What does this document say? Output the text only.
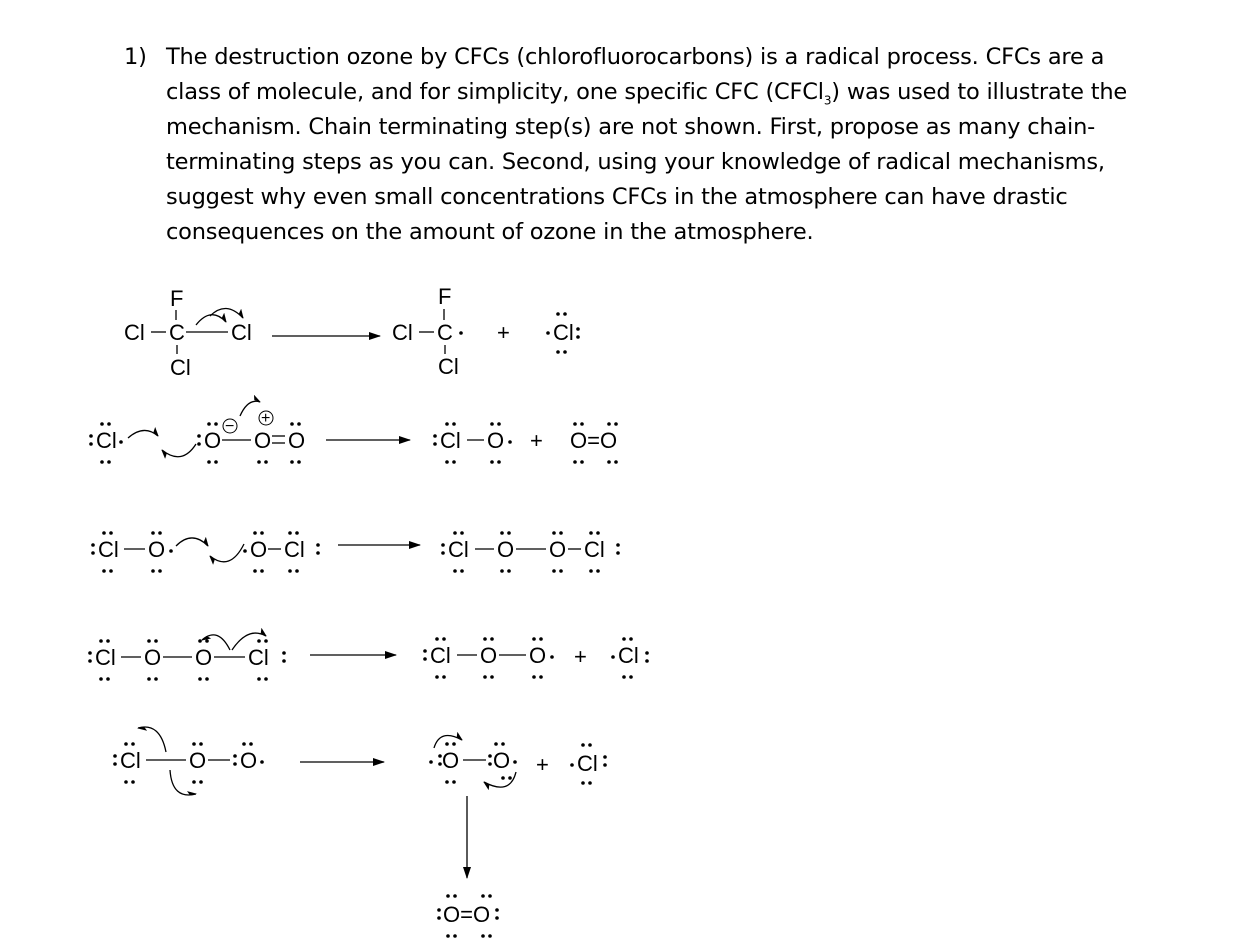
1) The destruction ozone by CFCs (chlorofluorocarbons) is a radical process. CFCs are a class of molecule, and for simplicity, one specific CFC (CFCl$_3$) was used to illustrate the mechanism. Chain terminating step(s) are not shown. First, propose as many chain-terminating steps as you can. Second, using your knowledge of radical mechanisms, suggest why even small concentrations CFCs in the atmosphere can have drastic consequences on the amount of ozone in the atmosphere.
Cl C Cl
F
Cl
Cl C
F
Cl
+ Cl
Cl	O
−
O
+
O	Cl O + O=O
Cl O	O Cl	Cl O O Cl
Cl O O Cl	Cl O O + Cl
Cl O O	O O + Cl
O=O
